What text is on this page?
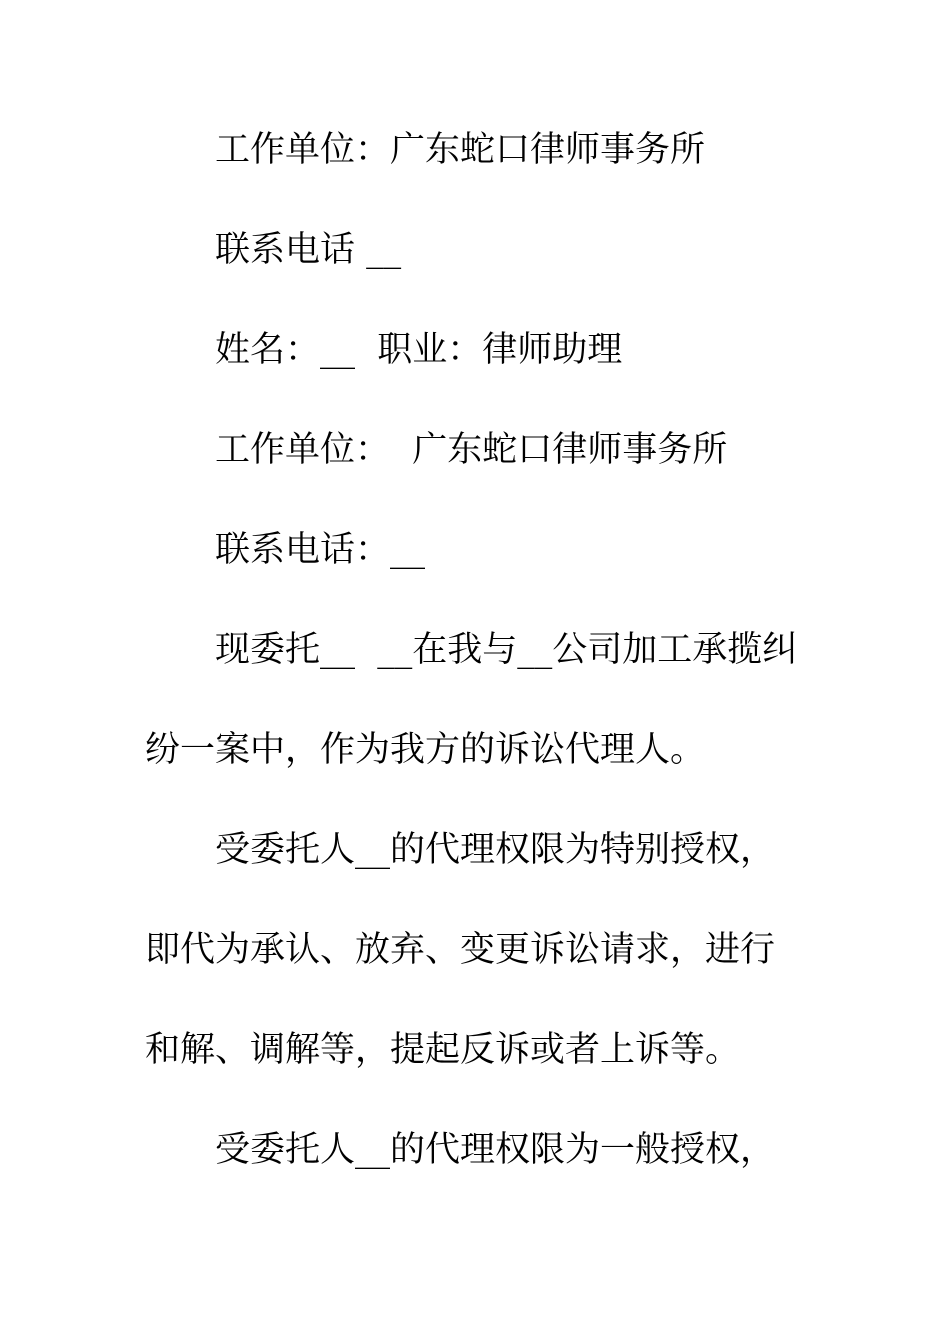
工作单位：广东蛇口律师事务所
联系电话 __
姓名：__  职业：律师助理
工作单位：  广东蛇口律师事务所
联系电话：__
现委托__  __在我与__公司加工承揽纠
纷一案中，作为我方的诉讼代理人。
受委托人__的代理权限为特别授权，
即代为承认、放弃、变更诉讼请求，进行
和解、调解等，提起反诉或者上诉等。
受委托人__的代理权限为一般授权，
